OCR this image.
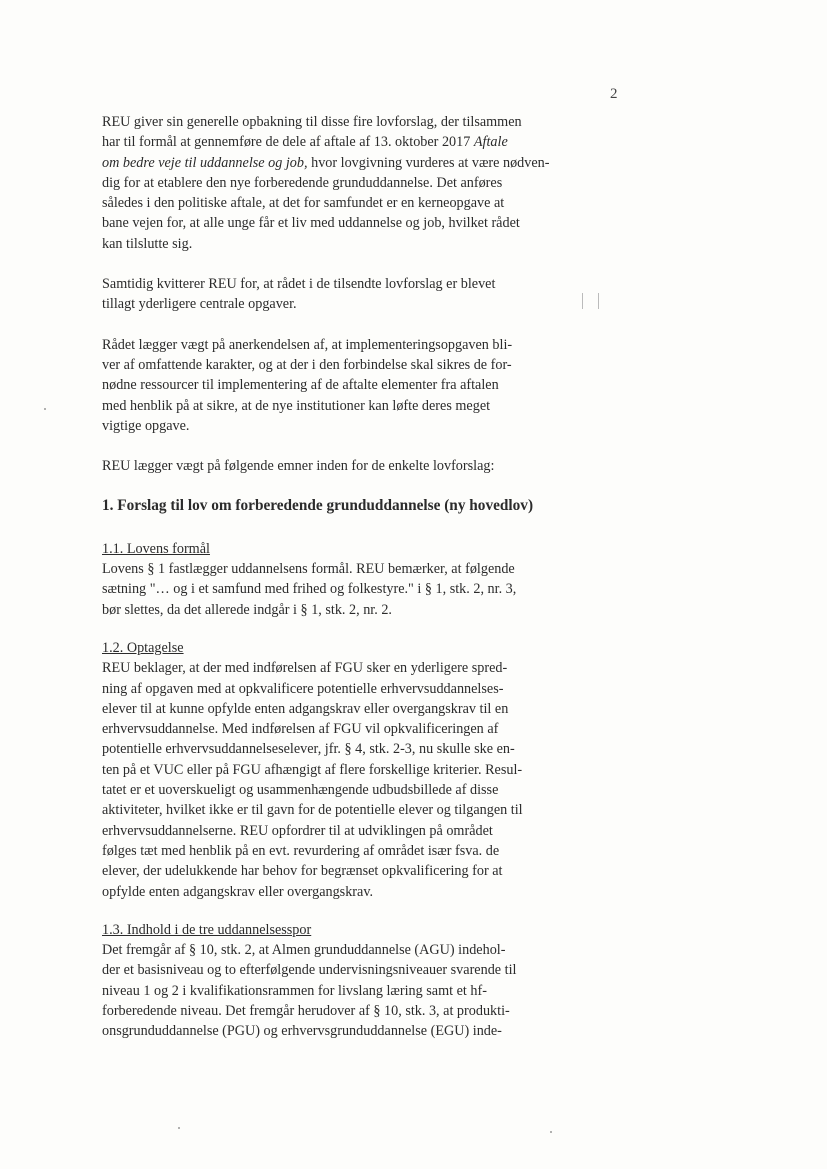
2
REU giver sin generelle opbakning til disse fire lovforslag, der tilsammen
har til formål at gennemføre de dele af aftale af 13. oktober 2017 Aftale
om bedre veje til uddannelse og job, hvor lovgivning vurderes at være nødven-
dig for at etablere den nye forberedende grunduddannelse. Det anføres
således i den politiske aftale, at det for samfundet er en kerneopgave at
bane vejen for, at alle unge får et liv med uddannelse og job, hvilket rådet
kan tilslutte sig.
Samtidig kvitterer REU for, at rådet i de tilsendte lovforslag er blevet
tillagt yderligere centrale opgaver.
Rådet lægger vægt på anerkendelsen af, at implementeringsopgaven bli-
ver af omfattende karakter, og at der i den forbindelse skal sikres de for-
nødne ressourcer til implementering af de aftalte elementer fra aftalen
med henblik på at sikre, at de nye institutioner kan løfte deres meget
vigtige opgave.
REU lægger vægt på følgende emner inden for de enkelte lovforslag:
1. Forslag til lov om forberedende grunduddannelse (ny hovedlov)
1.1. Lovens formål
Lovens § 1 fastlægger uddannelsens formål. REU bemærker, at følgende
sætning "… og i et samfund med frihed og folkestyre." i § 1, stk. 2, nr. 3,
bør slettes, da det allerede indgår i § 1, stk. 2, nr. 2.
1.2. Optagelse
REU beklager, at der med indførelsen af FGU sker en yderligere spred-
ning af opgaven med at opkvalificere potentielle erhvervsuddannelses-
elever til at kunne opfylde enten adgangskrav eller overgangskrav til en
erhvervsuddannelse. Med indførelsen af FGU vil opkvalificeringen af
potentielle erhvervsuddannelseselever, jfr. § 4, stk. 2-3, nu skulle ske en-
ten på et VUC eller på FGU afhængigt af flere forskellige kriterier. Resul-
tatet er et uoverskueligt og usammenhængende udbudsbillede af disse
aktiviteter, hvilket ikke er til gavn for de potentielle elever og tilgangen til
erhvervsuddannelserne. REU opfordrer til at udviklingen på området
følges tæt med henblik på en evt. revurdering af området især fsva. de
elever, der udelukkende har behov for begrænset opkvalificering for at
opfylde enten adgangskrav eller overgangskrav.
1.3. Indhold i de tre uddannelsesspor
Det fremgår af § 10, stk. 2, at Almen grunduddannelse (AGU) indehol-
der et basisniveau og to efterfølgende undervisningsniveauer svarende til
niveau 1 og 2 i kvalifikationsrammen for livslang læring samt et hf-
forberedende niveau. Det fremgår herudover af § 10, stk. 3, at produkti-
onsgrunduddannelse (PGU) og erhvervsgrunduddannelse (EGU) inde-
